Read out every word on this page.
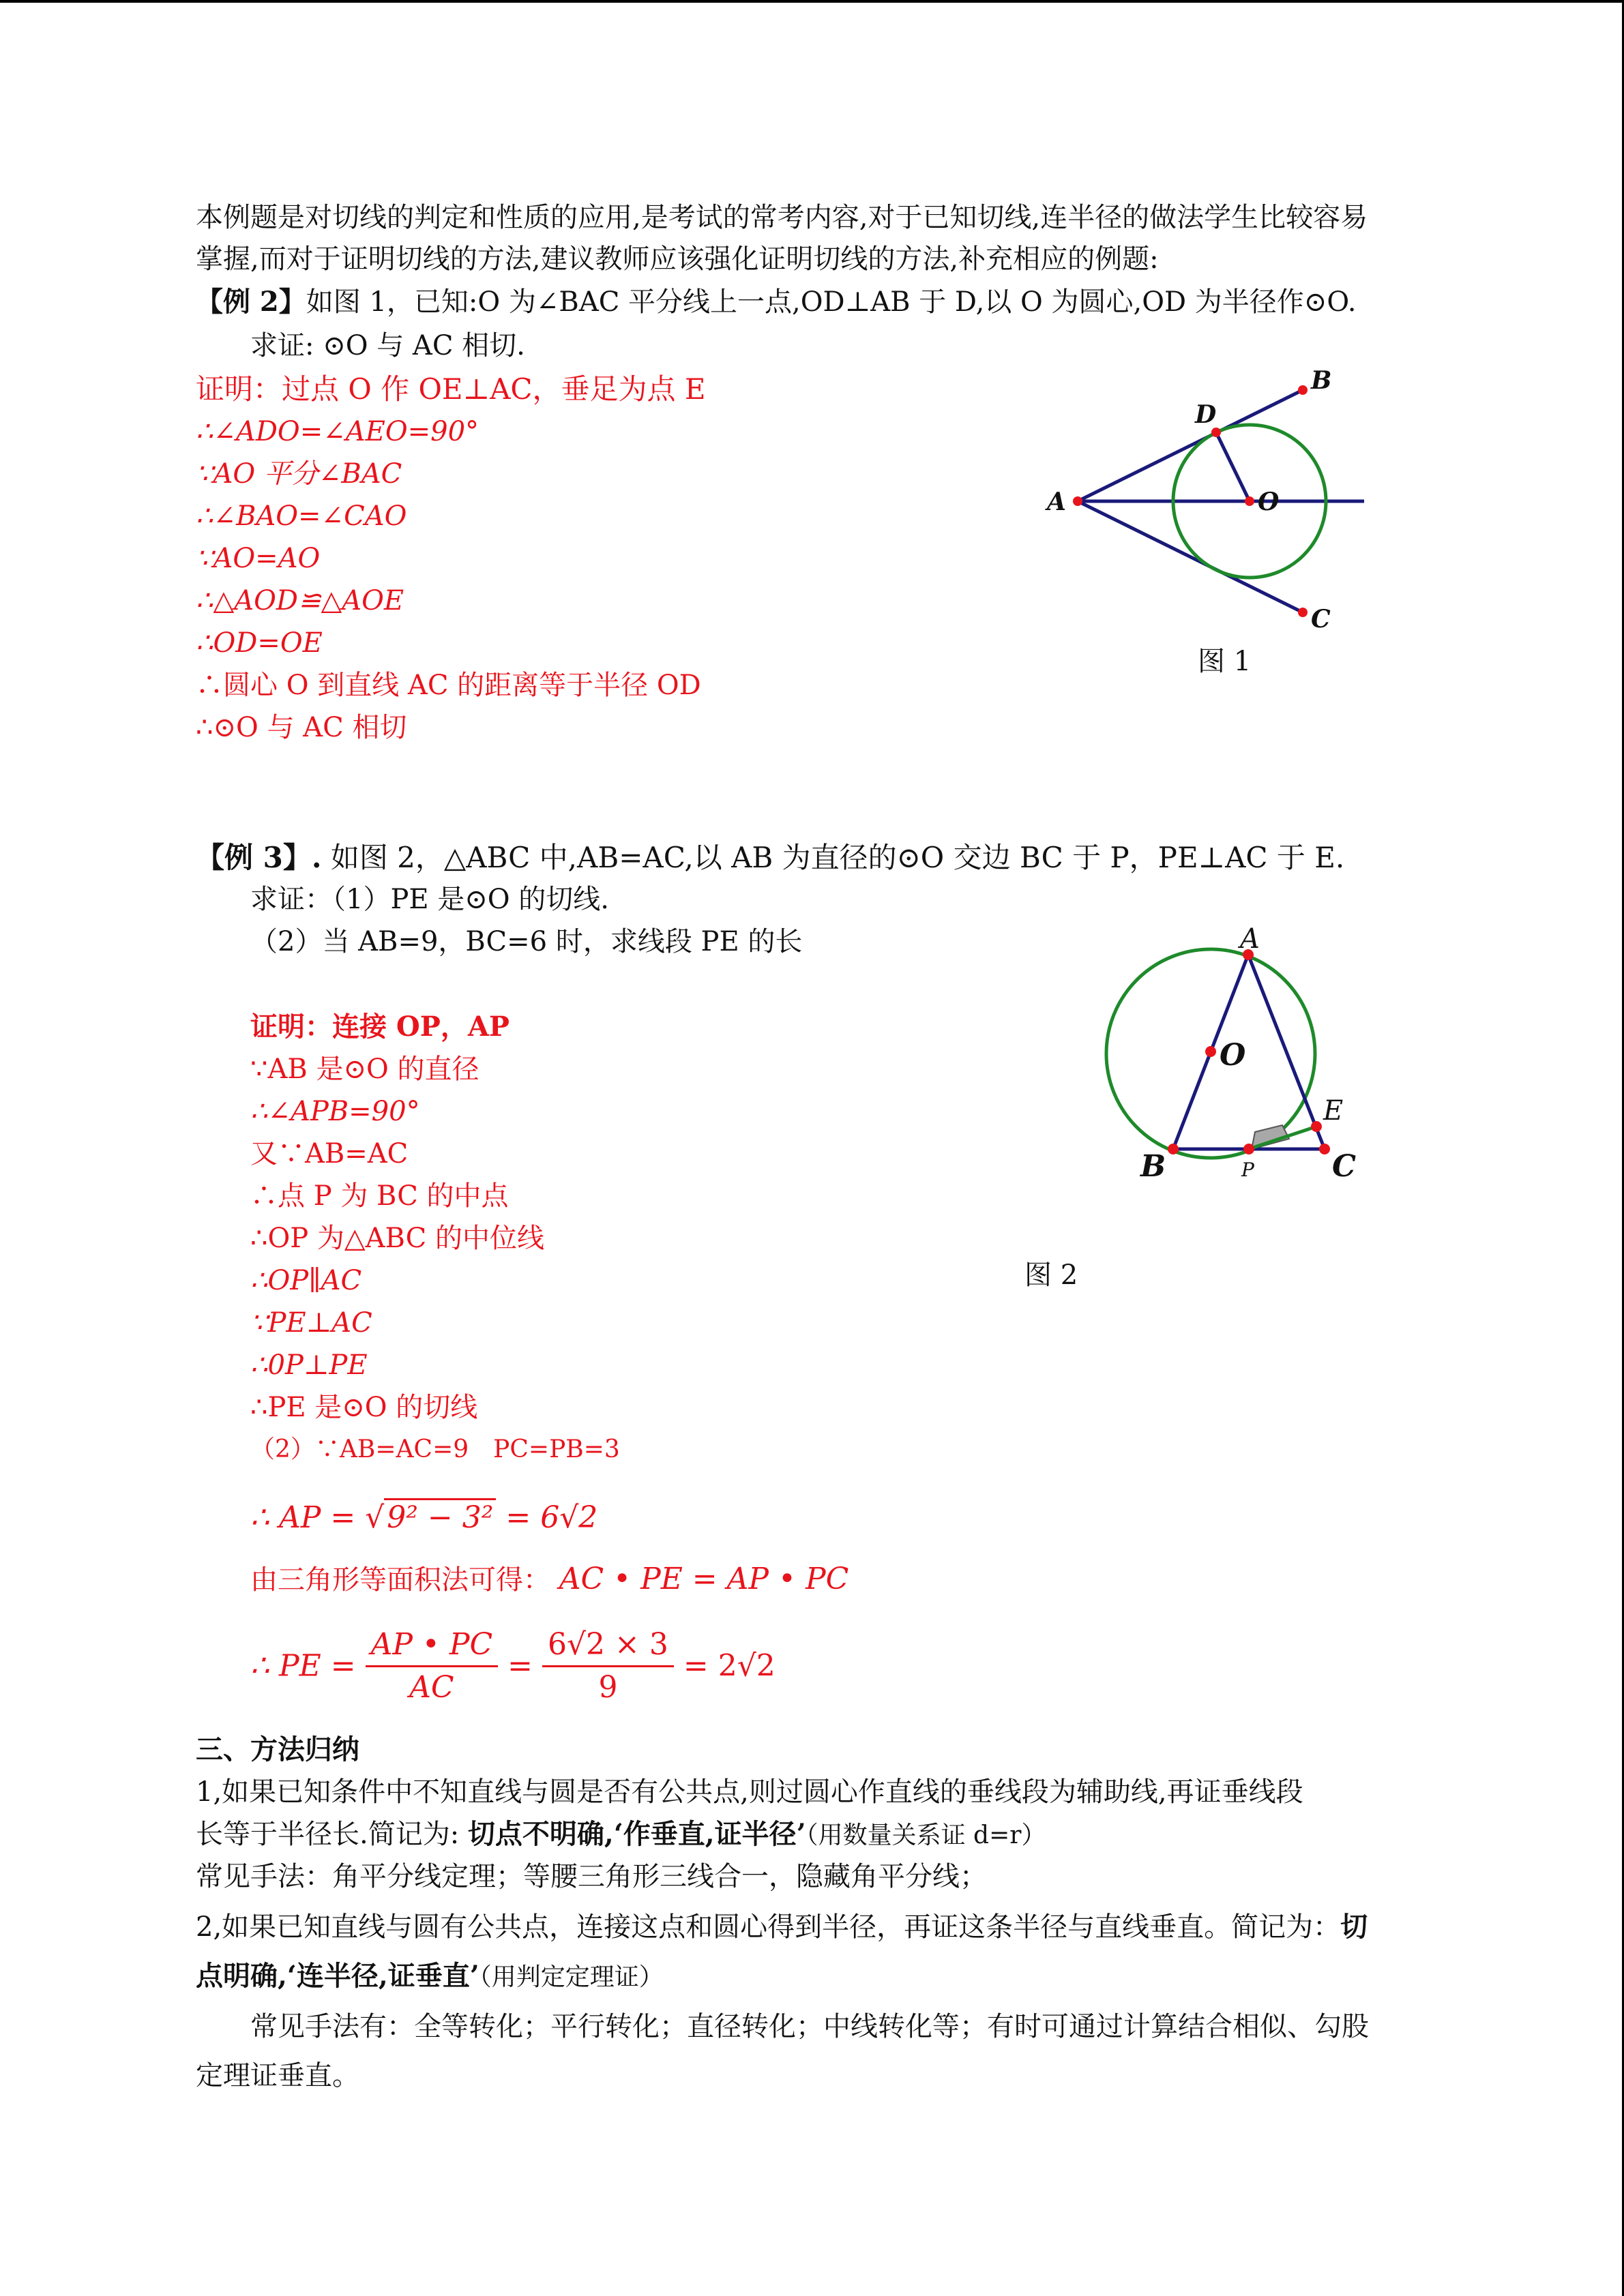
本例题是对切线的判定和性质的应用,是考试的常考内容,对于已知切线,连半径的做法学生比较容易
掌握,而对于证明切线的方法,建议教师应该强化证明切线的方法,补充相应的例题:
【例 2】如图 1，已知:O 为∠BAC 平分线上一点,OD⊥AB 于 D,以 O 为圆心,OD 为半径作⊙O.
求证: ⊙O 与 AC 相切.
证明：过点 O 作 OE⊥AC，垂足为点 E
∴∠ADO=∠AEO=90°
∵AO 平分∠BAC
∴∠BAO=∠CAO
∵AO=AO
∴△AOD≌△AOE
∴OD=OE
∴圆心 O 到直线 AC 的距离等于半径 OD
∴⊙O 与 AC 相切
A
B
C
D
O
图 1
【例 3】. 如图 2，△ABC 中,AB=AC,以 AB 为直径的⊙O 交边 BC 于 P，PE⊥AC 于 E.
求证：（1）PE 是⊙O 的切线.
（2）当 AB=9，BC=6 时，求线段 PE 的长
证明：连接 OP，AP
∵AB 是⊙O 的直径
∴∠APB=90°
又∵AB=AC
∴点 P 为 BC 的中点
∴OP 为△ABC 的中位线
∴OP∥AC
∵PE⊥AC
∴0P⊥PE
∴PE 是⊙O 的切线
（2）∵AB=AC=9　PC=PB=3
∴ AP = √9² − 3² = 6√2
由三角形等面积法可得： AC • PE = AP • PC
∴ PE = $\frac{AP • PC}{AC} = \frac{6√2 \times 3}{9} = 2√2$
A
B	C
O
E
P
图 2
三、方法归纳
1,如果已知条件中不知直线与圆是否有公共点,则过圆心作直线的垂线段为辅助线,再证垂线段
长等于半径长.简记为: 切点不明确,‘作垂直,证半径’（用数量关系证 d=r）
常见手法：角平分线定理；等腰三角形三线合一，隐藏角平分线；
2,如果已知直线与圆有公共点，连接这点和圆心得到半径，再证这条半径与直线垂直。简记为：切
点明确,‘连半径,证垂直’（用判定定理证）
常见手法有：全等转化；平行转化；直径转化；中线转化等；有时可通过计算结合相似、勾股
定理证垂直。
